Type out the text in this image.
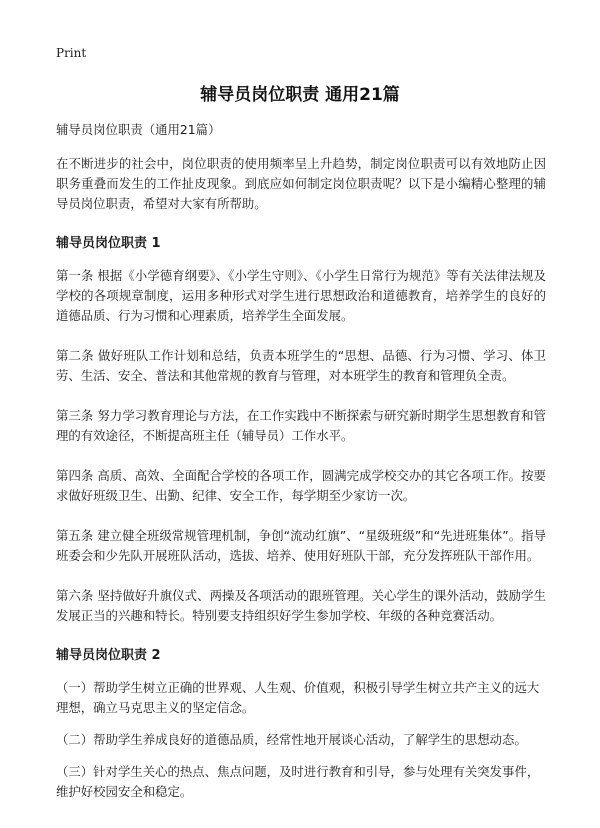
Print
辅导员岗位职责 通用21篇

辅导员岗位职责（通用21篇）

在不断进步的社会中，岗位职责的使用频率呈上升趋势，制定岗位职责可以有效地防止因职务重叠而发生的工作扯皮现象。到底应如何制定岗位职责呢？以下是小编精心整理的辅导员岗位职责，希望对大家有所帮助。

辅导员岗位职责 1

第一条 根据《小学德育纲要》、《小学生守则》、《小学生日常行为规范》等有关法律法规及学校的各项规章制度，运用多种形式对学生进行思想政治和道德教育，培养学生的良好的道德品质、行为习惯和心理素质，培养学生全面发展。

第二条 做好班队工作计划和总结，负责本班学生的“思想、品德、行为习惯、学习、体卫劳、生活、安全、普法和其他常规的教育与管理，对本班学生的教育和管理负全责。

第三条 努力学习教育理论与方法，在工作实践中不断探索与研究新时期学生思想教育和管理的有效途径，不断提高班主任（辅导员）工作水平。

第四条 高质、高效、全面配合学校的各项工作，圆满完成学校交办的其它各项工作。按要求做好班级卫生、出勤、纪律、安全工作，每学期至少家访一次。

第五条 建立健全班级常规管理机制，争创“流动红旗”、“星级班级”和“先进班集体”。指导班委会和少先队开展班队活动，选拔、培养、使用好班队干部，充分发挥班队干部作用。

第六条 坚持做好升旗仪式、两操及各项活动的跟班管理。关心学生的课外活动，鼓励学生发展正当的兴趣和特长。特别要支持组织好学生参加学校、年级的各种竞赛活动。

辅导员岗位职责 2

（一）帮助学生树立正确的世界观、人生观、价值观，积极引导学生树立共产主义的远大理想，确立马克思主义的坚定信念。

（二）帮助学生养成良好的道德品质，经常性地开展谈心活动，了解学生的思想动态。

（三）针对学生关心的热点、焦点问题，及时进行教育和引导，参与处理有关突发事件，维护好校园安全和稳定。
